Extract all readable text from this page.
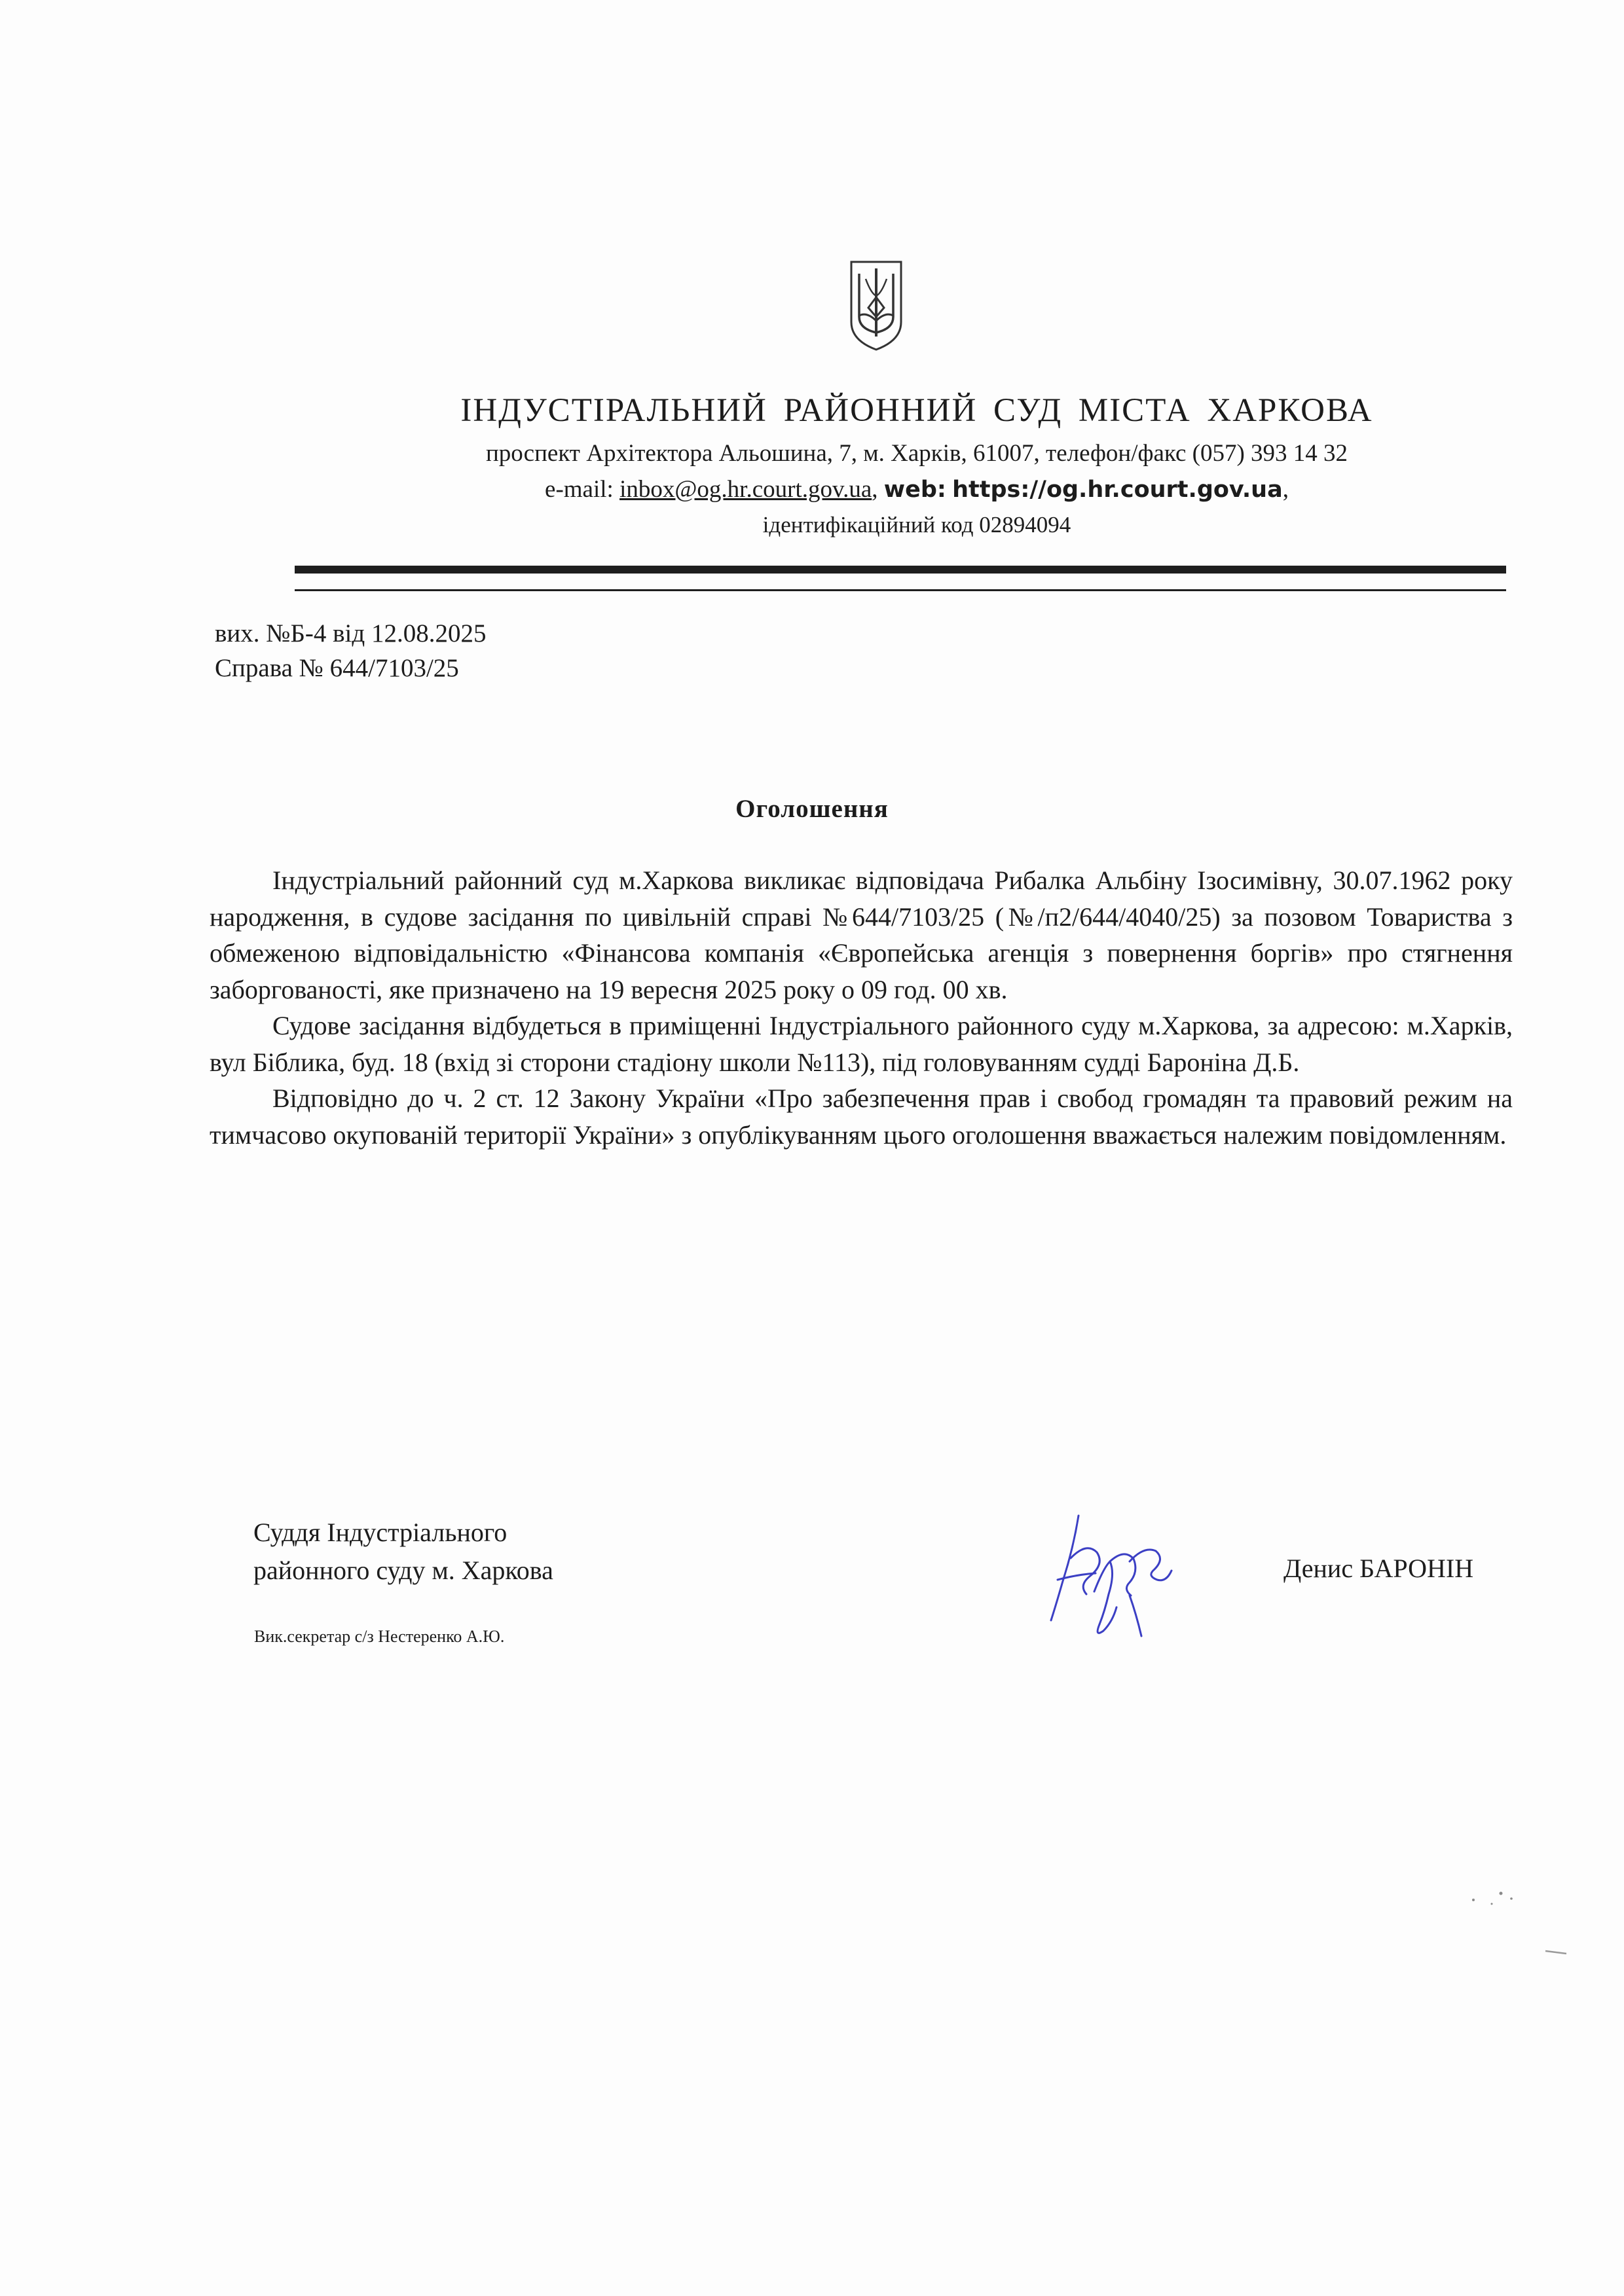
ІНДУСТІРАЛЬНИЙ РАЙОННИЙ СУД МІСТА ХАРКОВА
проспект Архітектора Альошина, 7, м. Харків, 61007, телефон/факс (057) 393 14 32
e-mail: inbox@og.hr.court.gov.ua, web: https://og.hr.court.gov.ua,
ідентифікаційний код 02894094
вих. №Б-4 від 12.08.2025
Справа № 644/7103/25
Оголошення

Індустріальний районний суд м.Харкова викликає відповідача Рибалка Альбіну Ізосимівну, 30.07.1962 року народження, в судове засідання по цивільній справі №644/7103/25 (№/п2/644/4040/25) за позовом Товариства з обмеженою відповідальністю «Фінансова компанія «Європейська агенція з повернення боргів» про стягнення заборгованості, яке призначено на 19 вересня 2025 року о 09 год. 00 хв.

Судове засідання відбудеться в приміщенні Індустріального районного суду м.Харкова, за адресою: м.Харків, вул Біблика, буд. 18 (вхід зі сторони стадіону школи №113), під головуванням судді Бароніна Д.Б.

Відповідно до ч. 2 ст. 12 Закону України «Про забезпечення прав і свобод громадян та правовий режим на тимчасово окупованій території України» з опублікуванням цього оголошення вважається належим повідомленням.

Суддя Індустріального
районного суду м. Харкова	Денис БАРОНІН
Вик.секретар с/з Нестеренко А.Ю.
